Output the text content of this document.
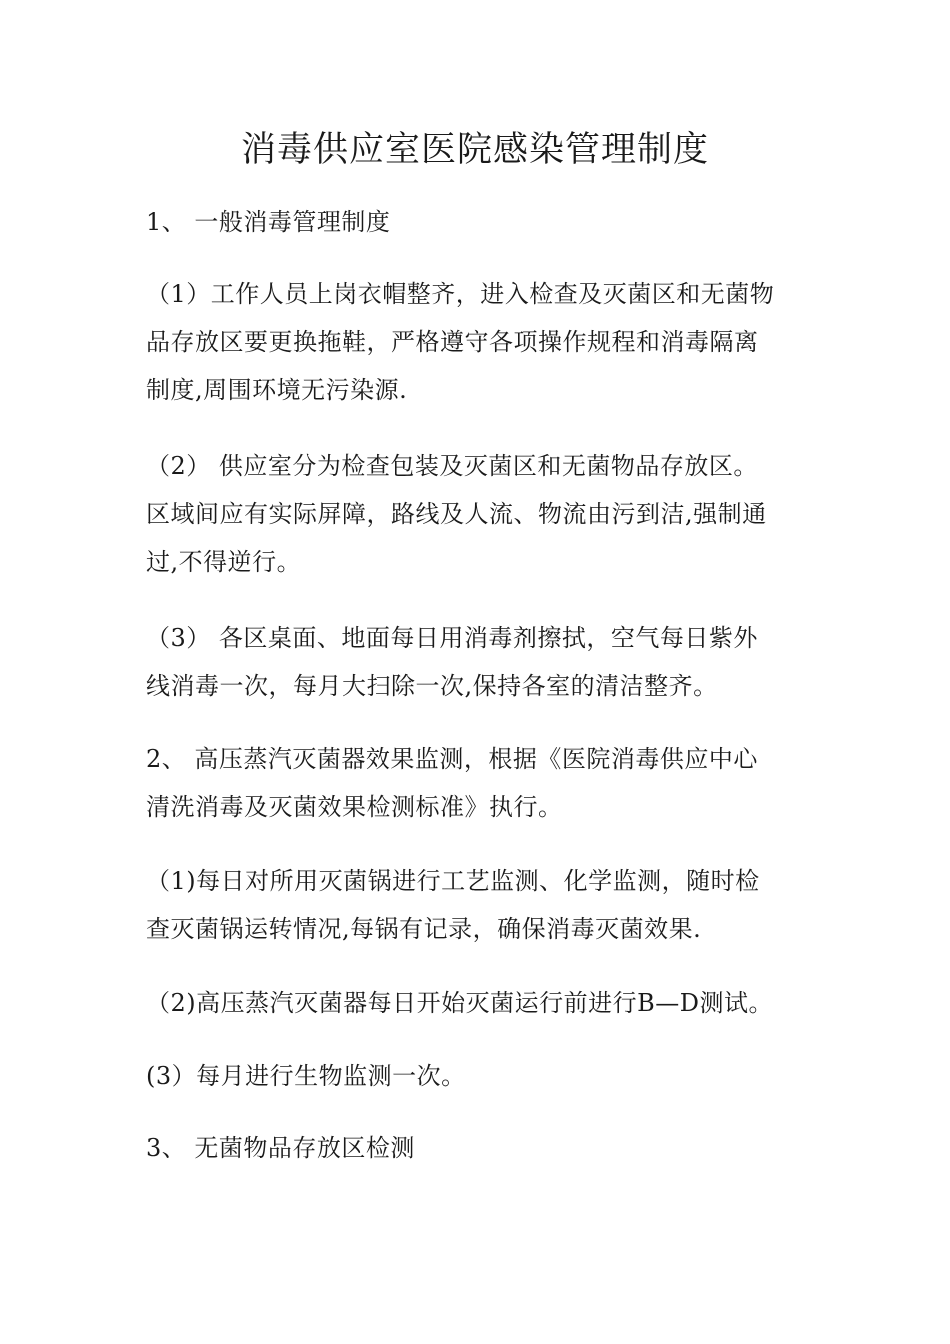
消毒供应室医院感染管理制度

1、 一般消毒管理制度

（1）工作人员上岗衣帽整齐，进入检查及灭菌区和无菌物
品存放区要更换拖鞋，严格遵守各项操作规程和消毒隔离
制度,周围环境无污染源.

（2） 供应室分为检查包装及灭菌区和无菌物品存放区。
区域间应有实际屏障，路线及人流、物流由污到洁,强制通
过,不得逆行。

（3） 各区桌面、地面每日用消毒剂擦拭，空气每日紫外
线消毒一次，每月大扫除一次,保持各室的清洁整齐。

2、 高压蒸汽灭菌器效果监测，根据《医院消毒供应中心
清洗消毒及灭菌效果检测标准》执行。

（1)每日对所用灭菌锅进行工艺监测、化学监测，随时检
查灭菌锅运转情况,每锅有记录，确保消毒灭菌效果.

（2)高压蒸汽灭菌器每日开始灭菌运行前进行B—D测试。

(3）每月进行生物监测一次。

3、 无菌物品存放区检测
